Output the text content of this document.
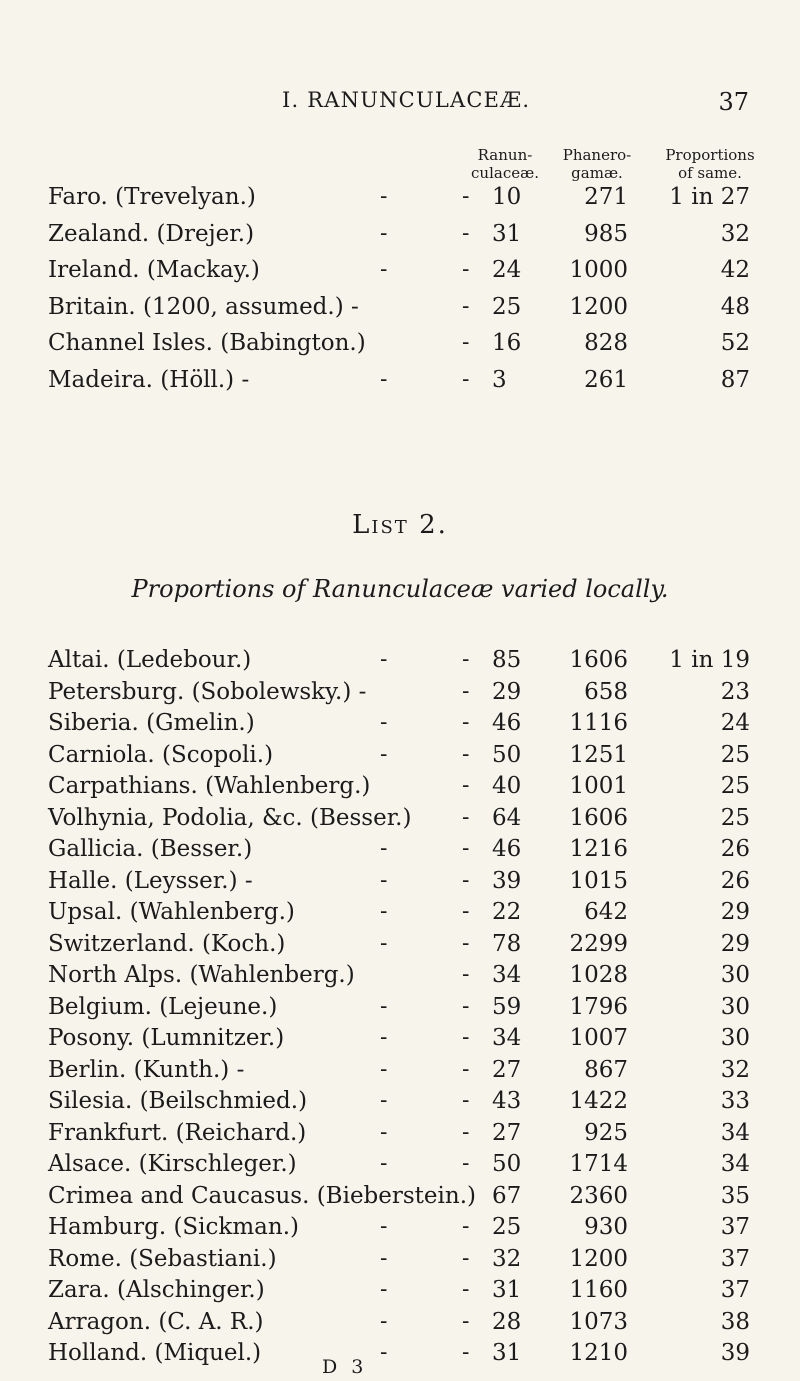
I. RANUNCULACEÆ.	37
Ranun-
culaceæ.
Phanero-
gamæ.
Proportions
of same.
Faro. (Trevelyan.)	-	- 10	271 1 in 27
Zealand. (Drejer.)	-	- 31	985	32
Ireland. (Mackay.)	-	- 24	1000	42
Britain. (1200, assumed.) -	- 25	1200	48
Channel Isles. (Babington.)	- 16	828	52
Madeira. (Höll.) -	-	- 3	261	87
List 2.
Proportions of Ranunculaceæ varied locally.
Altai. (Ledebour.)	-	- 85	1606 1 in 19
Petersburg. (Sobolewsky.) -	- 29	658	23
Siberia. (Gmelin.)	-	- 46	1116	24
Carniola. (Scopoli.)	-	- 50	1251	25
Carpathians. (Wahlenberg.)	- 40	1001	25
Volhynia, Podolia, &c. (Besser.) - 64	1606	25
Gallicia. (Besser.)	-	- 46	1216	26
Halle. (Leysser.) -	-	- 39	1015	26
Upsal. (Wahlenberg.)	-	- 22	642	29
Switzerland. (Koch.)	-	- 78	2299	29
North Alps. (Wahlenberg.)	- 34	1028	30
Belgium. (Lejeune.)	-	- 59	1796	30
Posony. (Lumnitzer.)	-	- 34	1007	30
Berlin. (Kunth.) -	-	- 27	867	32
Silesia. (Beilschmied.)	-	- 43	1422	33
Frankfurt. (Reichard.)	-	- 27	925	34
Alsace. (Kirschleger.)	-	- 50	1714	34
Crimea and Caucasus. (Bieberstein.) 67	2360	35
Hamburg. (Sickman.)	-	- 25	930	37
Rome. (Sebastiani.)	-	- 32	1200	37
Zara. (Alschinger.)	-	- 31	1160	37
Arragon. (C. A. R.)	-	- 28	1073	38
Holland. (Miquel.)	-	- 31	1210	39
D 3
